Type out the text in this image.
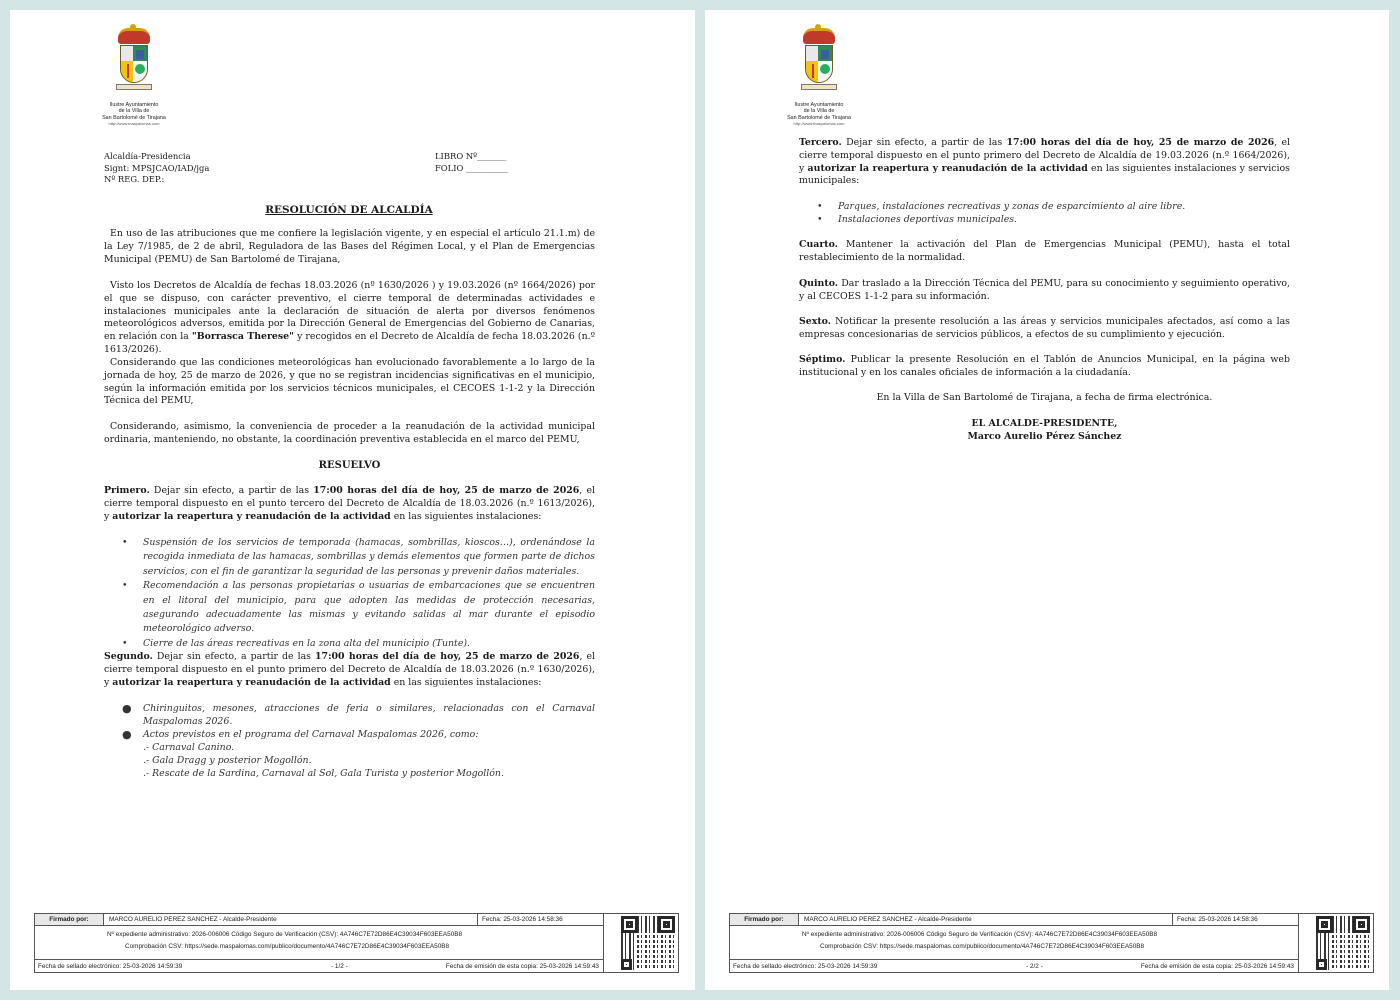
Ilustre Ayuntamiento
de la Villa de
San Bartolomé de Tirajana
http://www.maspalomas.com
Alcaldía-Presidencia
Signt: MPSJCAO/IAD/jga
Nº REG. DEP.:
LIBRO Nº_______
FOLIO __________
RESOLUCIÓN DE ALCALDÍA

En uso de las atribuciones que me confiere la legislación vigente, y en especial el artículo 21.1.m) de la Ley 7/1985, de 2 de abril, Reguladora de las Bases del Régimen Local, y el Plan de Emergencias Municipal (PEMU) de San Bartolomé de Tirajana,

Visto los Decretos de Alcaldía de fechas 18.03.2026 (nº 1630/2026 ) y 19.03.2026 (nº 1664/2026) por el que se dispuso, con carácter preventivo, el cierre temporal de determinadas actividades e instalaciones municipales ante la declaración de situación de alerta por diversos fenómenos meteorológicos adversos, emitida por la Dirección General de Emergencias del Gobierno de Canarias, en relación con la "Borrasca Therese" y recogidos en el Decreto de Alcaldía de fecha 18.03.2026 (n.º 1613/2026).

Considerando que las condiciones meteorológicas han evolucionado favorablemente a lo largo de la jornada de hoy, 25 de marzo de 2026, y que no se registran incidencias significativas en el municipio, según la información emitida por los servicios técnicos municipales, el CECOES 1-1-2 y la Dirección Técnica del PEMU,

Considerando, asimismo, la conveniencia de proceder a la reanudación de la actividad municipal ordinaria, manteniendo, no obstante, la coordinación preventiva establecida en el marco del PEMU,

RESUELVO

Primero. Dejar sin efecto, a partir de las 17:00 horas del día de hoy, 25 de marzo de 2026, el cierre temporal dispuesto en el punto tercero del Decreto de Alcaldía de 18.03.2026 (n.º 1613/2026), y autorizar la reapertura y reanudación de la actividad en las siguientes instalaciones:

• Suspensión de los servicios de temporada (hamacas, sombrillas, kioscos…), ordenándose la recogida inmediata de las hamacas, sombrillas y demás elementos que formen parte de dichos servicios, con el fin de garantizar la seguridad de las personas y prevenir daños materiales.
• Recomendación a las personas propietarias o usuarias de embarcaciones que se encuentren en el litoral del municipio, para que adopten las medidas de protección necesarias, asegurando adecuadamente las mismas y evitando salidas al mar durante el episodio meteorológico adverso.
• Cierre de las áreas recreativas en la zona alta del municipio (Tunte).

Segundo. Dejar sin efecto, a partir de las 17:00 horas del día de hoy, 25 de marzo de 2026, el cierre temporal dispuesto en el punto primero del Decreto de Alcaldía de 18.03.2026 (n.º 1630/2026), y autorizar la reapertura y reanudación de la actividad en las siguientes instalaciones:

● Chiringuitos, mesones, atracciones de feria o similares, relacionadas con el Carnaval Maspalomas 2026.
● Actos previstos en el programa del Carnaval Maspalomas 2026, como:
.- Carnaval Canino.
.- Gala Dragg y posterior Mogollón.
.- Rescate de la Sardina, Carnaval al Sol, Gala Turista y posterior Mogollón.
Firmado por:	MARCO AURELIO PEREZ SANCHEZ - Alcalde-Presidente	Fecha: 25-03-2026 14:58:36
Nº expediente administrativo: 2026-006006 Código Seguro de Verificación (CSV): 4A746C7E72D86E4C39034F603EEA50B8
Comprobación CSV: https://sede.maspalomas.com/publico/documento/4A746C7E72D86E4C39034F603EEA50B8
Fecha de sellado electrónico: 25-03-2026 14:59:39	- 1/2 -	Fecha de emisión de esta copia: 25-03-2026 14:59:43
Ilustre Ayuntamiento
de la Villa de
San Bartolomé de Tirajana
http://www.maspalomas.com

Tercero. Dejar sin efecto, a partir de las 17:00 horas del día de hoy, 25 de marzo de 2026, el cierre temporal dispuesto en el punto primero del Decreto de Alcaldía de 19.03.2026 (n.º 1664/2026), y autorizar la reapertura y reanudación de la actividad en las siguientes instalaciones y servicios municipales:

• Parques, instalaciones recreativas y zonas de esparcimiento al aire libre.
• Instalaciones deportivas municipales.

Cuarto. Mantener la activación del Plan de Emergencias Municipal (PEMU), hasta el total restablecimiento de la normalidad.

Quinto. Dar traslado a la Dirección Técnica del PEMU, para su conocimiento y seguimiento operativo, y al CECOES 1-1-2 para su información.

Sexto. Notificar la presente resolución a las áreas y servicios municipales afectados, así como a las empresas concesionarias de servicios públicos, a efectos de su cumplimiento y ejecución.

Séptimo. Publicar la presente Resolución en el Tablón de Anuncios Municipal, en la página web institucional y en los canales oficiales de información a la ciudadanía.

En la Villa de San Bartolomé de Tirajana, a fecha de firma electrónica.
EL ALCALDE-PRESIDENTE,
Marco Aurelio Pérez Sánchez
Firmado por:	MARCO AURELIO PEREZ SANCHEZ - Alcalde-Presidente	Fecha: 25-03-2026 14:58:36
Nº expediente administrativo: 2026-006006 Código Seguro de Verificación (CSV): 4A746C7E72D86E4C39034F603EEA50B8
Comprobación CSV: https://sede.maspalomas.com/publico/documento/4A746C7E72D86E4C39034F603EEA50B8
Fecha de sellado electrónico: 25-03-2026 14:59:39	- 2/2 -	Fecha de emisión de esta copia: 25-03-2026 14:59:43
